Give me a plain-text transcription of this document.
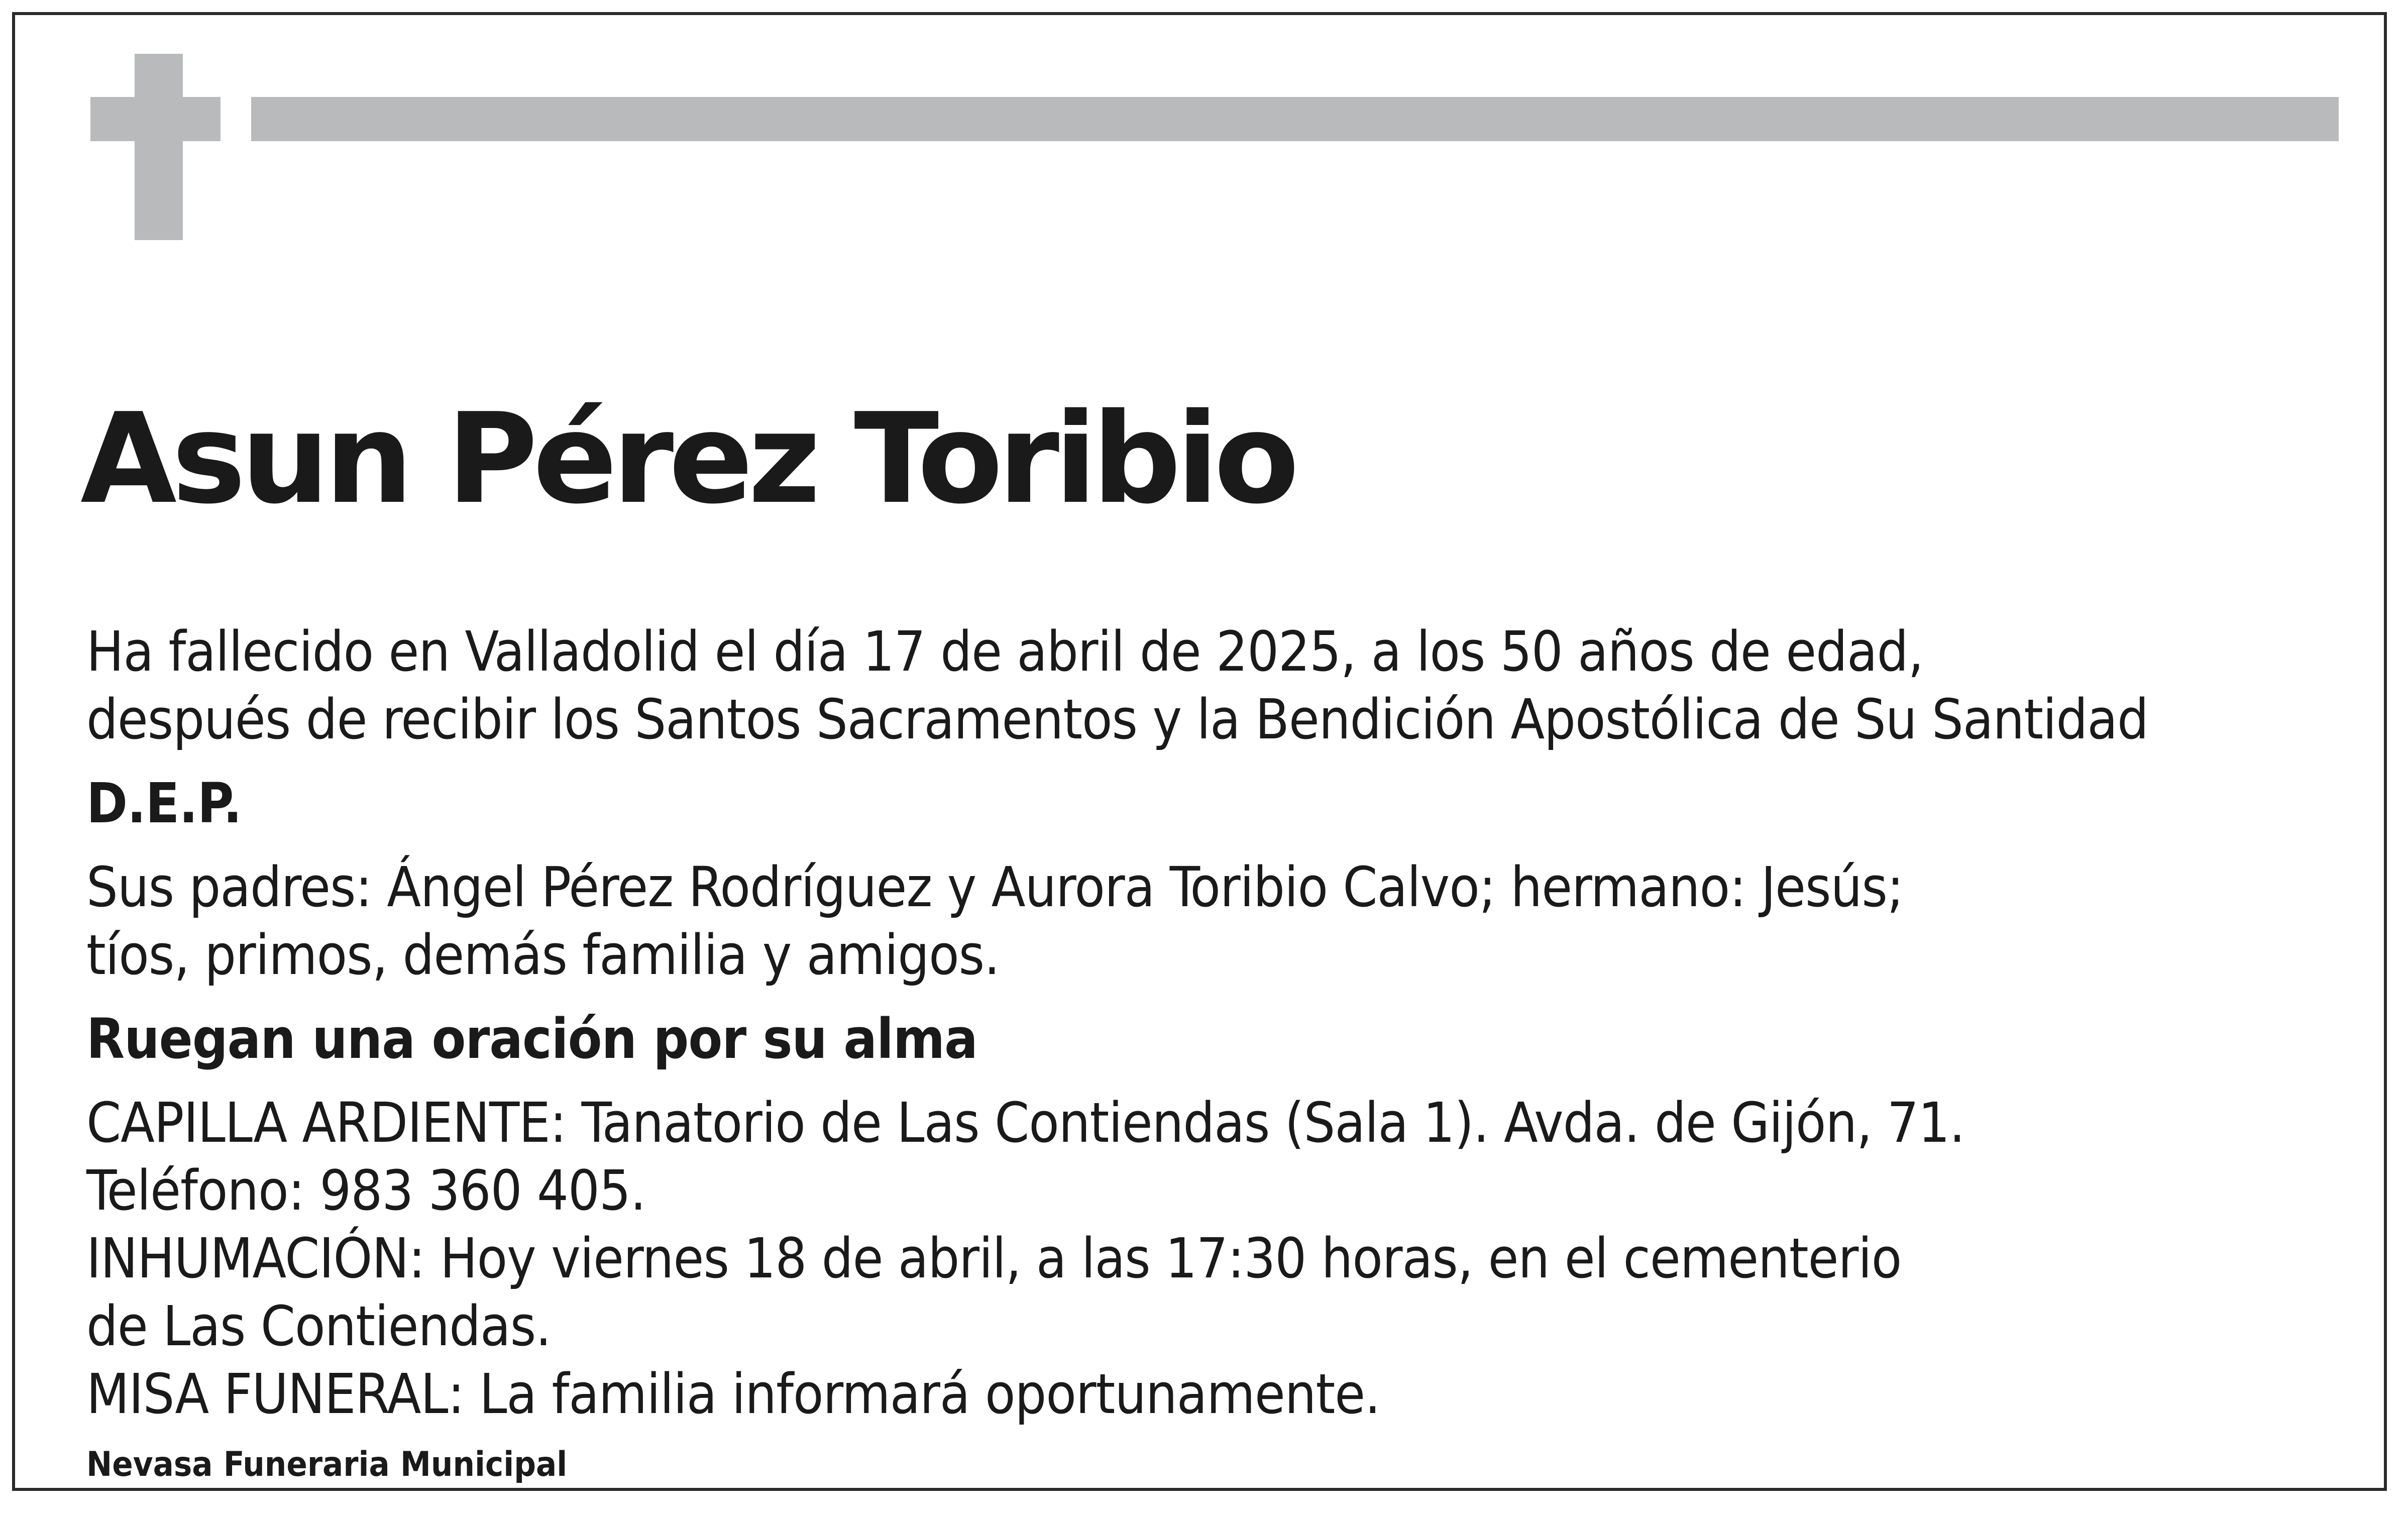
Asun Pérez Toribio

Ha fallecido en Valladolid el día 17 de abril de 2025, a los 50 años de edad,
después de recibir los Santos Sacramentos y la Bendición Apostólica de Su Santidad

D.E.P.

Sus padres: Ángel Pérez Rodríguez y Aurora Toribio Calvo; hermano: Jesús;
tíos, primos, demás familia y amigos.

Ruegan una oración por su alma

CAPILLA ARDIENTE: Tanatorio de Las Contiendas (Sala 1). Avda. de Gijón, 71.
Teléfono: 983 360 405.
INHUMACIÓN: Hoy viernes 18 de abril, a las 17:30 horas, en el cementerio
de Las Contiendas.
MISA FUNERAL: La familia informará oportunamente.

Nevasa Funeraria Municipal
